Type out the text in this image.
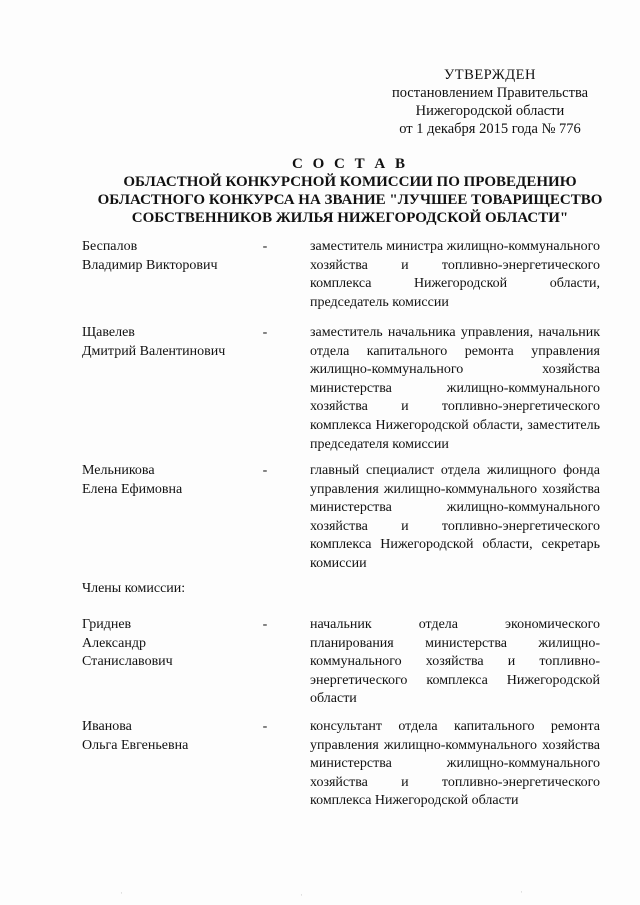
УТВЕРЖДЕН
постановлением Правительства
Нижегородской области
от 1 декабря 2015 года № 776
С О С Т А В
ОБЛАСТНОЙ КОНКУРСНОЙ КОМИССИИ ПО ПРОВЕДЕНИЮ
ОБЛАСТНОГО КОНКУРСА НА ЗВАНИЕ "ЛУЧШЕЕ ТОВАРИЩЕСТВО
СОБСТВЕННИКОВ ЖИЛЬЯ НИЖЕГОРОДСКОЙ ОБЛАСТИ"
Беспалов
Владимир Викторович
-	заместитель министра жилищно-коммунального хозяйства и топливно-энергетического комплекса Нижегородской области, председатель комиссии
Щавелев
Дмитрий Валентинович
-	заместитель начальника управления, начальник отдела капитального ремонта управления жилищно-коммунального хозяйства министерства жилищно-коммунального хозяйства и топливно-энергетического комплекса Нижегородской области, заместитель председателя комиссии
Мельникова
Елена Ефимовна
-	главный специалист отдела жилищного фонда управления жилищно-коммунального хозяйства министерства жилищно-коммунального хозяйства и топливно-энергетического комплекса Нижегородской области, секретарь комиссии
Члены комиссии:
Гриднев
Александр
Станиславович
-	начальник отдела экономического планирования министерства жилищно-коммунального хозяйства и топливно-энергетического комплекса Нижегородской области
Иванова
Ольга Евгеньевна
-	консультант отдела капитального ремонта управления жилищно-коммунального хозяйства министерства жилищно-коммунального хозяйства и топливно-энергетического комплекса Нижегородской области
·	·	·
